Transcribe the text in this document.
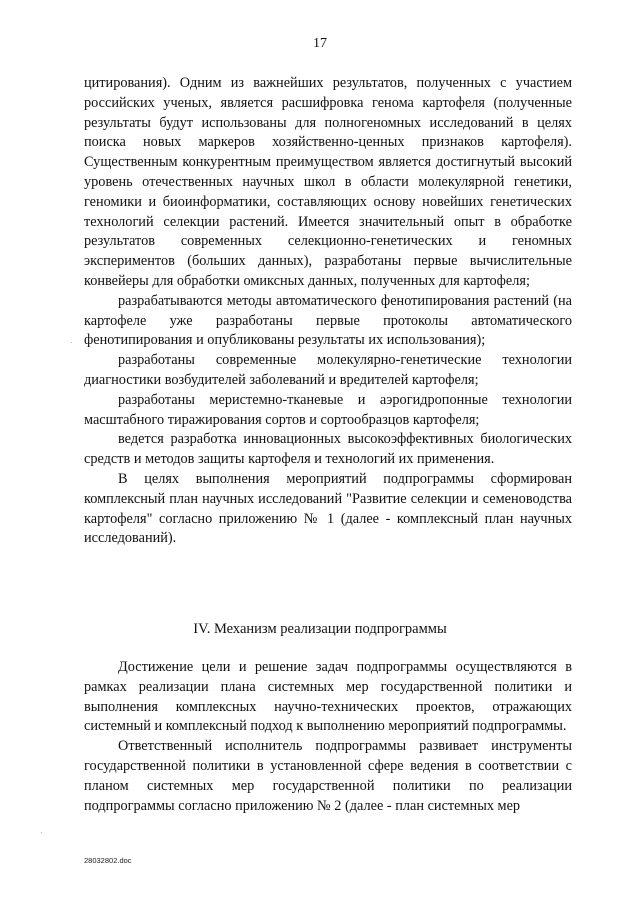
17

цитирования). Одним из важнейших результатов, полученных с участием российских ученых, является расшифровка генома картофеля (полученные результаты будут использованы для полногеномных исследований в целях поиска новых маркеров хозяйственно-ценных признаков картофеля). Существенным конкурентным преимуществом является достигнутый высокий уровень отечественных научных школ в области молекулярной генетики, геномики и биоинформатики, составляющих основу новейших генетических технологий селекции растений. Имеется значительный опыт в обработке результатов современных селекционно-генетических и геномных экспериментов (больших данных), разработаны первые вычислительные конвейеры для обработки омиксных данных, полученных для картофеля;

разрабатываются методы автоматического фенотипирования растений (на картофеле уже разработаны первые протоколы автоматического фенотипирования и опубликованы результаты их использования);

разработаны современные молекулярно-генетические технологии диагностики возбудителей заболеваний и вредителей картофеля;

разработаны меристемно-тканевые и аэрогидропонные технологии масштабного тиражирования сортов и сортообразцов картофеля;

ведется разработка инновационных высокоэффективных биологических средств и методов защиты картофеля и технологий их применения.

В целях выполнения мероприятий подпрограммы сформирован комплексный план научных исследований "Развитие селекции и семеноводства картофеля" согласно приложению № 1 (далее - комплексный план научных исследований).

IV. Механизм реализации подпрограммы

Достижение цели и решение задач подпрограммы осуществляются в рамках реализации плана системных мер государственной политики и выполнения комплексных научно-технических проектов, отражающих системный и комплексный подход к выполнению мероприятий подпрограммы.

Ответственный исполнитель подпрограммы развивает инструменты государственной политики в установленной сфере ведения в соответствии с планом системных мер государственной политики по реализации подпрограммы согласно приложению № 2 (далее - план системных мер

28032802.doc
·
·
